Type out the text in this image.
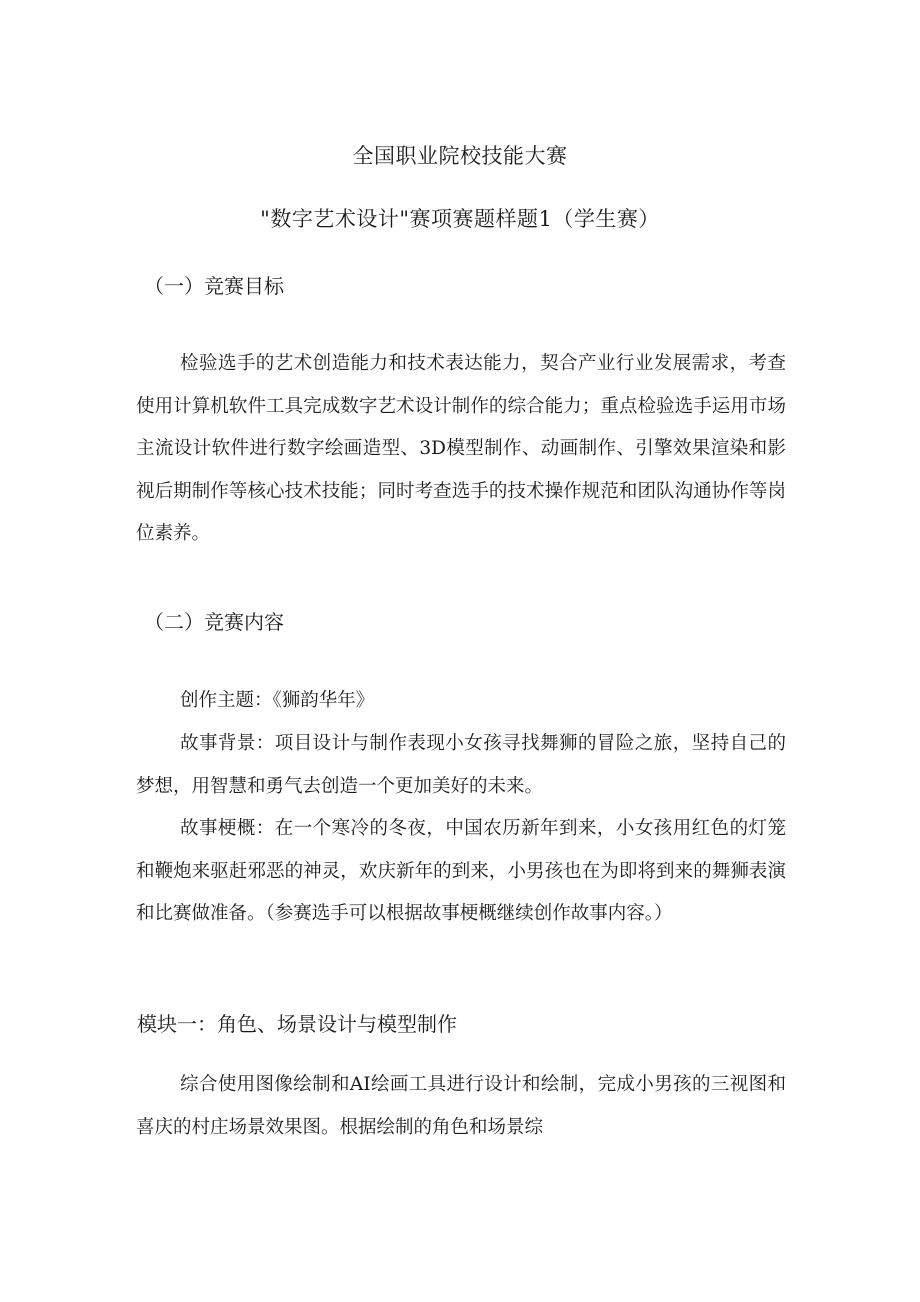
全国职业院校技能大赛
"数字艺术设计"赛项赛题样题1（学生赛）
（一）竞赛目标
检验选手的艺术创造能力和技术表达能力，契合产业行业发展需求，考查使用计算机软件工具完成数字艺术设计制作的综合能力；重点检验选手运用市场主流设计软件进行数字绘画造型、3D模型制作、动画制作、引擎效果渲染和影视后期制作等核心技术技能；同时考查选手的技术操作规范和团队沟通协作等岗位素养。
（二）竞赛内容
创作主题：《狮韵华年》
故事背景：项目设计与制作表现小女孩寻找舞狮的冒险之旅，坚持自己的梦想，用智慧和勇气去创造一个更加美好的未来。
故事梗概：在一个寒冷的冬夜，中国农历新年到来，小女孩用红色的灯笼和鞭炮来驱赶邪恶的神灵，欢庆新年的到来，小男孩也在为即将到来的舞狮表演和比赛做准备。（参赛选手可以根据故事梗概继续创作故事内容。）
模块一：角色、场景设计与模型制作
综合使用图像绘制和AI绘画工具进行设计和绘制，完成小男孩的三视图和喜庆的村庄场景效果图。根据绘制的角色和场景综
